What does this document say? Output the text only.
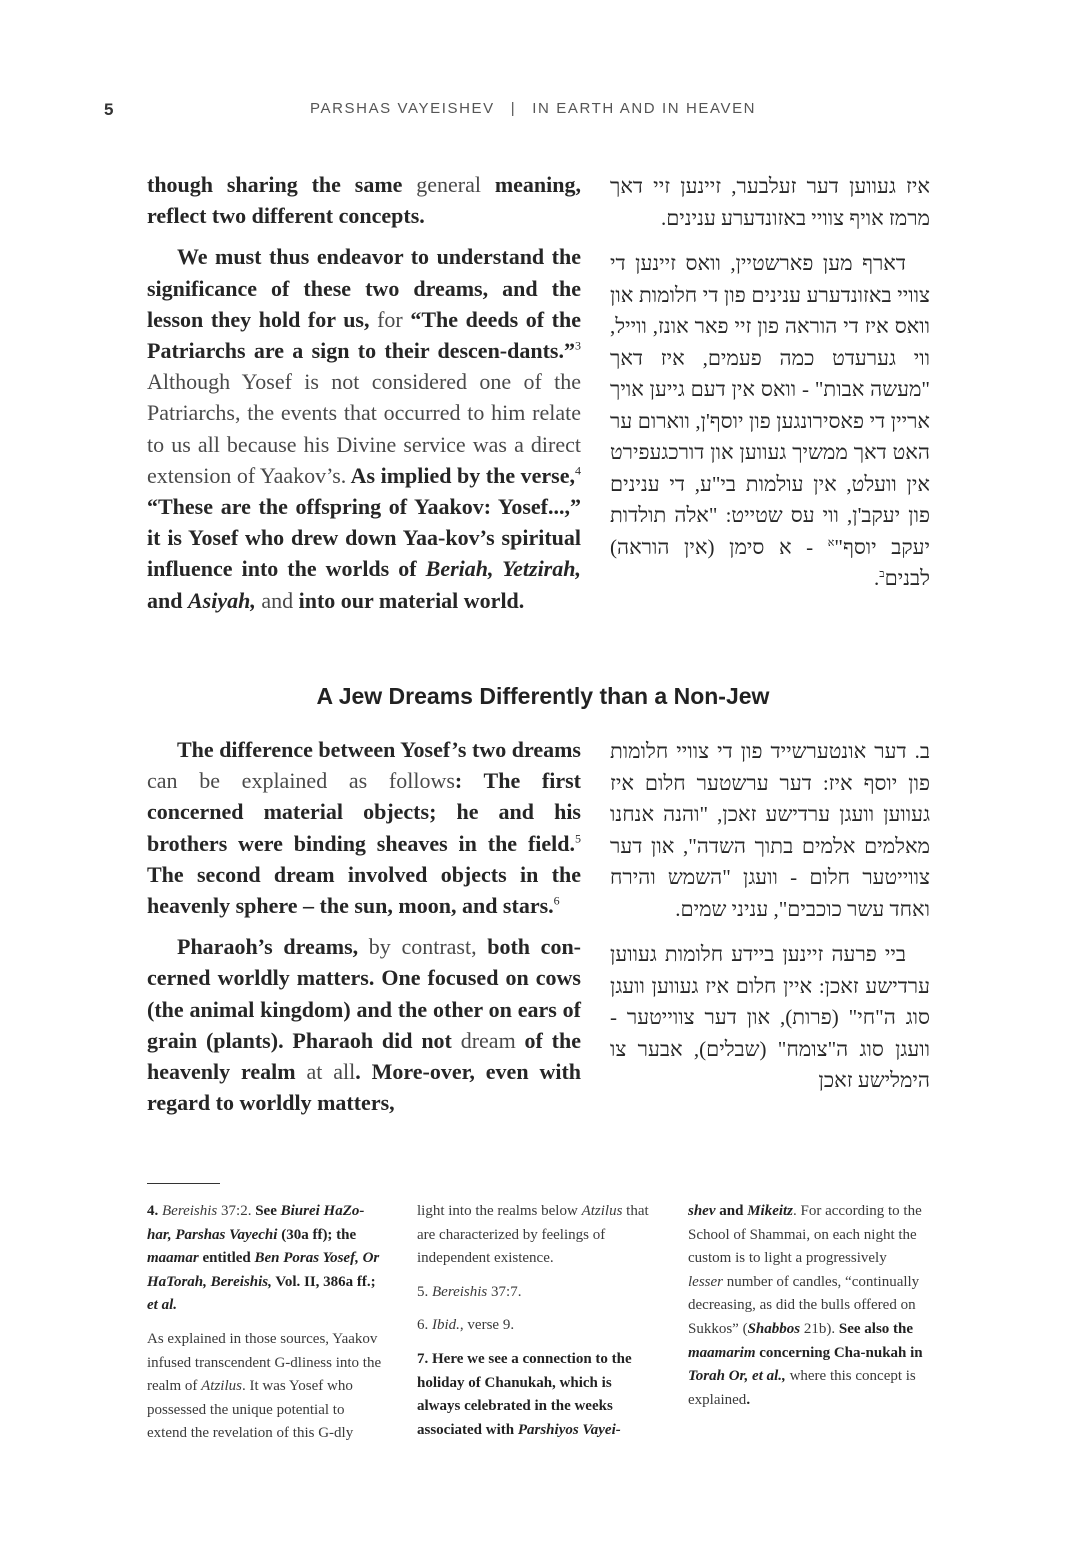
5	PARSHAS VAYEISHEV | IN EARTH AND IN HEAVEN

though sharing the same general meaning, reflect two different concepts.

We must thus endeavor to understand the significance of these two dreams, and the lesson they hold for us, for “The deeds of the Patriarchs are a sign to their descen-dants.”$^3$ Although Yosef is not considered one of the Patriarchs, the events that occurred to him relate to us all because his Divine service was a direct extension of Yaakov’s. As implied by the verse,$^4$ “These are the offspring of Yaakov: Yosef...,” it is Yosef who drew down Yaa-kov’s spiritual influence into the worlds of Beriah, Yetzirah, and Asiyah, and into our material world.

איז געווען דער זעלבער, זיינען זיי דאך מרמז אויף צוויי באזונדערע ענינים.

דארף מען פארשטיין, וואס זיינען די צוויי באזונדערע ענינים פון די חלומות און וואס איז די הוראה פון זיי פאר אונז, ווייל, ווי גערעדט כמה פעמים, איז דאך "מעשה אבות" - וואס אין דעם גייען אויך אריין די פאסירונגען פון יוסף'ן, ווארום ער האט דאך ממשיך געווען און דורכגעפירט אין וועלט, אין עולמות בי"ע, די ענינים פון יעקב'ן, ווי עס שטייט: "אלה תולדות יעקב יוסף"$^א$ - א סימן (אין הוראה) לבנים$^ב$.

A Jew Dreams Differently than a Non-Jew

The difference between Yosef’s two dreams can be explained as follows: The first concerned material objects; he and his brothers were binding sheaves in the field.$^5$ The second dream involved objects in the heavenly sphere – the sun, moon, and stars.$^6$

Pharaoh’s dreams, by contrast, both con-cerned worldly matters. One focused on cows (the animal kingdom) and the other on ears of grain (plants). Pharaoh did not dream of the heavenly realm at all. More-over, even with regard to worldly matters,

ב. דער אונטערשייד פון די צוויי חלומות פון יוסף איז: דער ערשטער חלום איז געווען וועגן ערדישע זאכן, "והנה אנחנו מאלמים אלמים בתוך השדה", און דער צווייטער חלום - וועגן "השמש והירח ואחד עשר כוכבים", עניני שמים.

ביי פרעה זיינען ביידע חלומות געווען ערדישע זאכן: איין חלום איז געווען וועגן סוג ה"חי" (פרות), און דער צווייטער - וועגן סוג ה"צומח" (שבלים), אבער צו הימלישע זאכן

4. Bereishis 37:2. See Biurei HaZo-har, Parshas Vayechi (30a ff); the maamar entitled Ben Poras Yosef, Or HaTorah, Bereishis, Vol. II, 386a ff.; et al.

As explained in those sources, Yaakov infused transcendent G-dliness into the realm of Atzilus. It was Yosef who possessed the unique potential to extend the revelation of this G-dly

light into the realms below Atzilus that are characterized by feelings of independent existence.

5. Bereishis 37:7.

6. Ibid., verse 9.

7. Here we see a connection to the holiday of Chanukah, which is always celebrated in the weeks associated with Parshiyos Vayei-

shev and Mikeitz. For according to the School of Shammai, on each night the custom is to light a progressively lesser number of candles, “continually decreasing, as did the bulls offered on Sukkos” (Shabbos 21b). See also the maamarim concerning Cha-nukah in Torah Or, et al., where this concept is explained.
